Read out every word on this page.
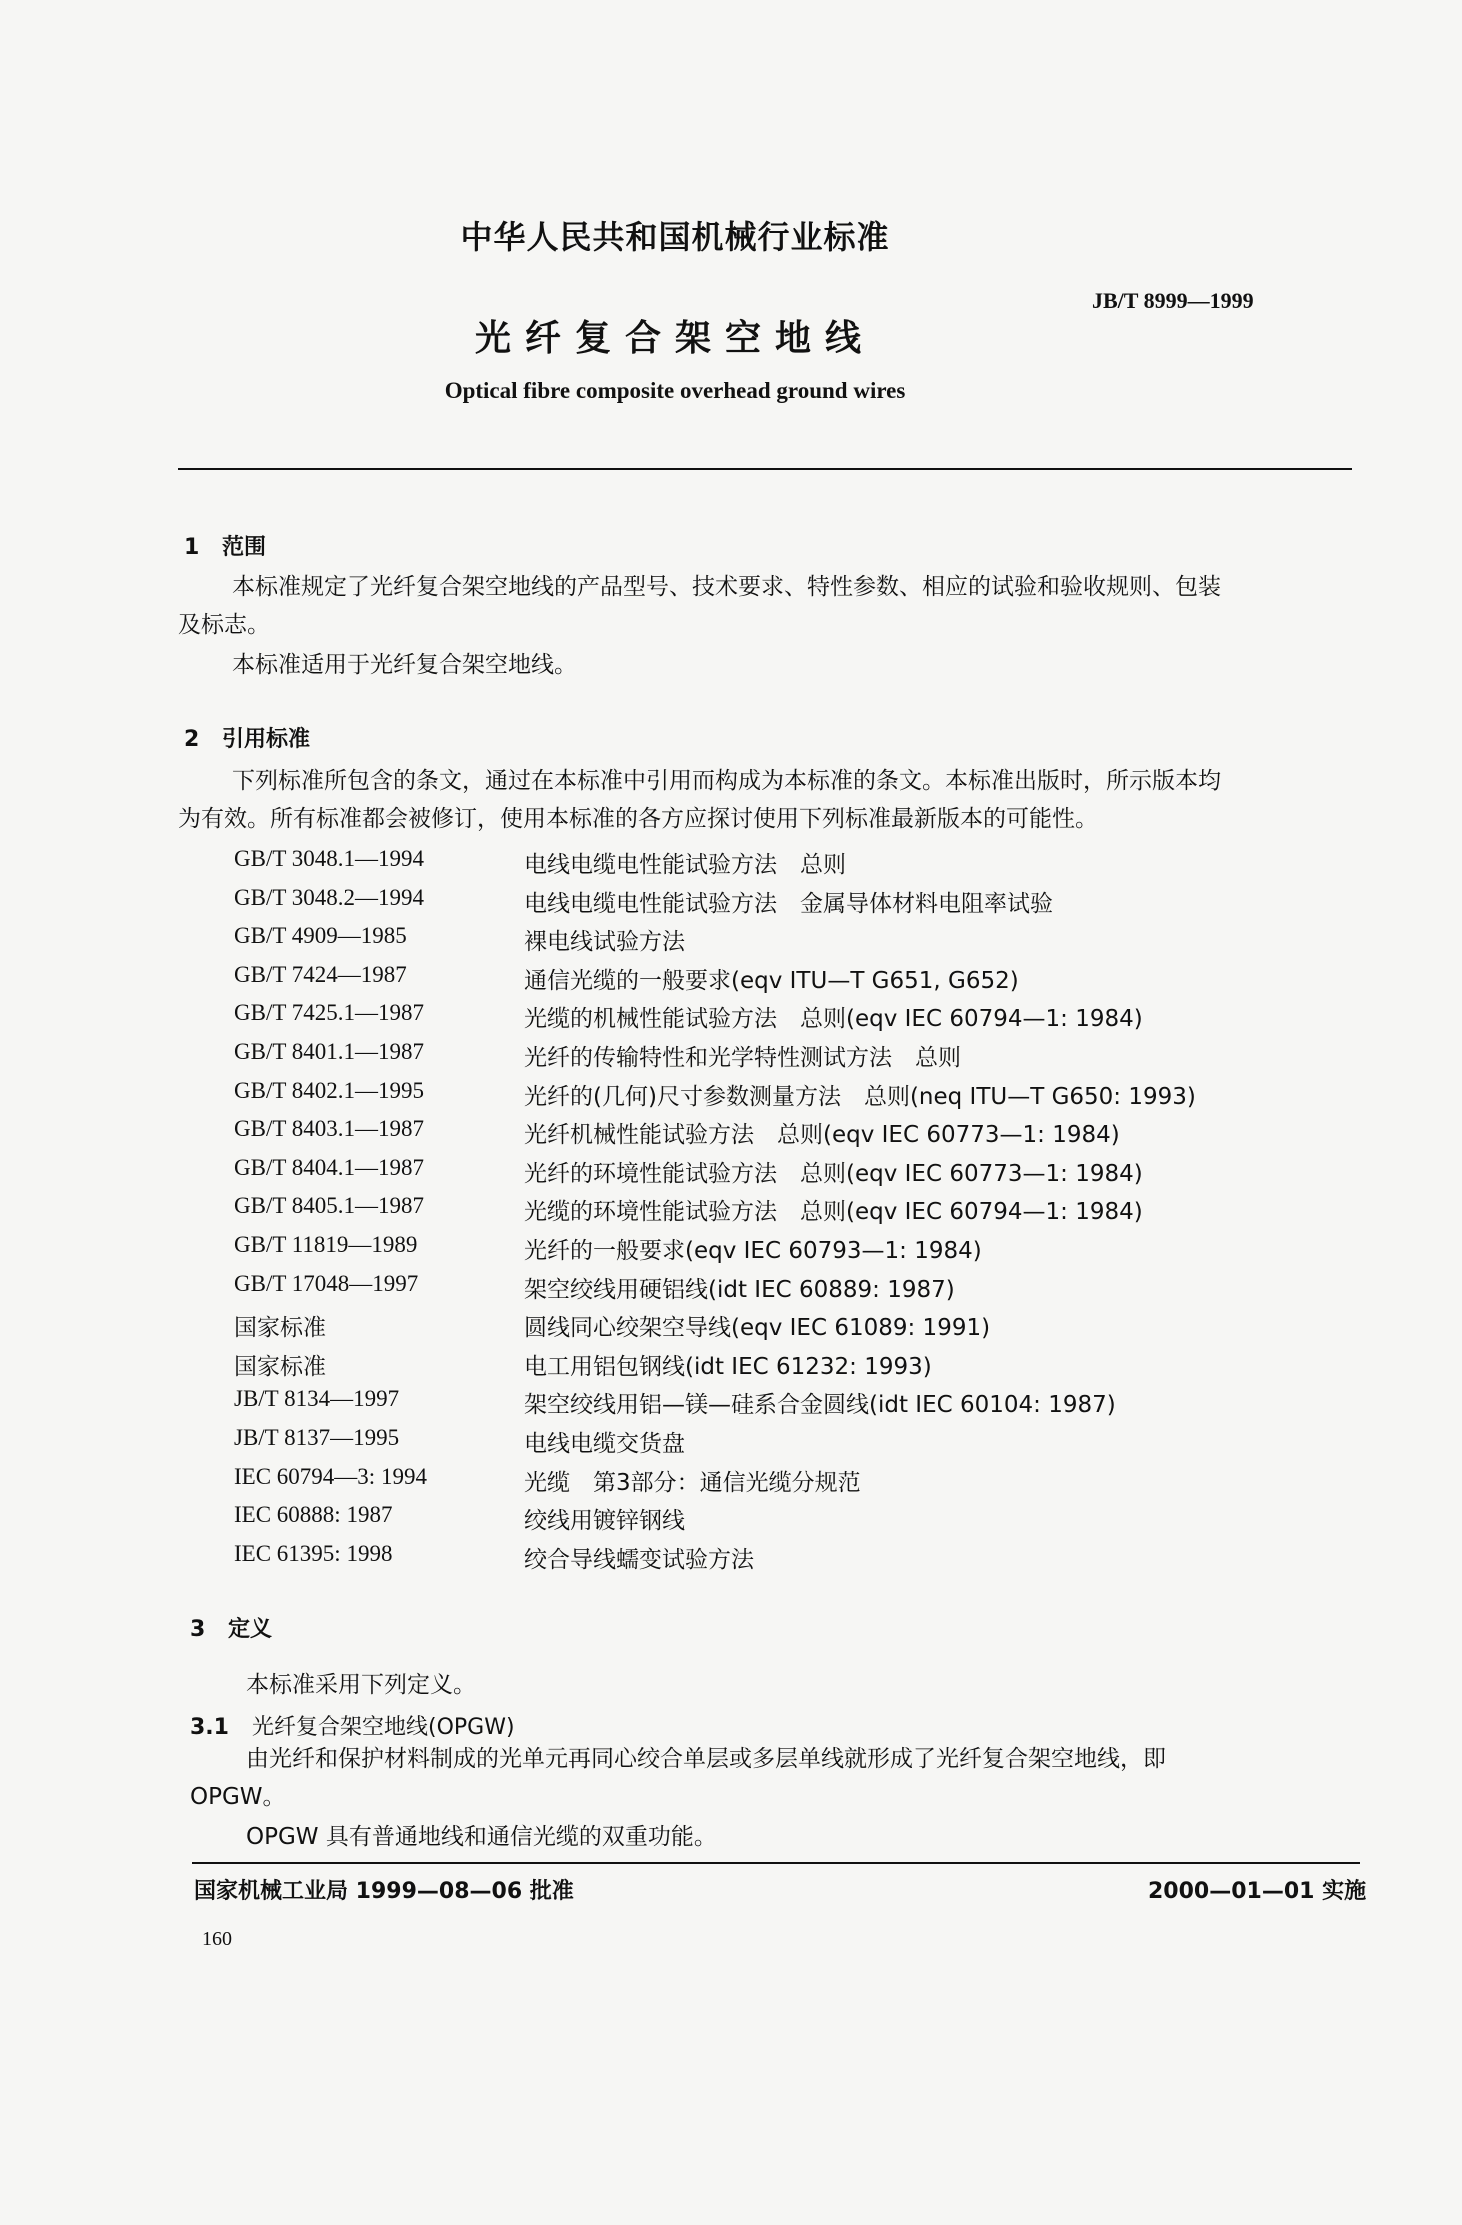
中华人民共和国机械行业标准
JB/T 8999—1999
光纤复合架空地线
Optical fibre composite overhead ground wires
1 范围
本标准规定了光纤复合架空地线的产品型号、技术要求、特性参数、相应的试验和验收规则、包装
及标志。
本标准适用于光纤复合架空地线。
2 引用标准
下列标准所包含的条文，通过在本标准中引用而构成为本标准的条文。本标准出版时，所示版本均
为有效。所有标准都会被修订，使用本标准的各方应探讨使用下列标准最新版本的可能性。
GB/T 3048.1—1994	电线电缆电性能试验方法　总则
GB/T 3048.2—1994	电线电缆电性能试验方法　金属导体材料电阻率试验
GB/T 4909—1985	裸电线试验方法
GB/T 7424—1987	通信光缆的一般要求(eqv ITU—T G651, G652)
GB/T 7425.1—1987	光缆的机械性能试验方法　总则(eqv IEC 60794—1: 1984)
GB/T 8401.1—1987	光纤的传输特性和光学特性测试方法　总则
GB/T 8402.1—1995	光纤的(几何)尺寸参数测量方法　总则(neq ITU—T G650: 1993)
GB/T 8403.1—1987	光纤机械性能试验方法　总则(eqv IEC 60773—1: 1984)
GB/T 8404.1—1987	光纤的环境性能试验方法　总则(eqv IEC 60773—1: 1984)
GB/T 8405.1—1987	光缆的环境性能试验方法　总则(eqv IEC 60794—1: 1984)
GB/T 11819—1989	光纤的一般要求(eqv IEC 60793—1: 1984)
GB/T 17048—1997	架空绞线用硬铝线(idt IEC 60889: 1987)
国家标准	圆线同心绞架空导线(eqv IEC 61089: 1991)
国家标准	电工用铝包钢线(idt IEC 61232: 1993)
JB/T 8134—1997	架空绞线用铝—镁—硅系合金圆线(idt IEC 60104: 1987)
JB/T 8137—1995	电线电缆交货盘
IEC 60794—3: 1994	光缆　第3部分：通信光缆分规范
IEC 60888: 1987	绞线用镀锌钢线
IEC 61395: 1998	绞合导线蠕变试验方法
3 定义
本标准采用下列定义。
3.1 光纤复合架空地线(OPGW)
由光纤和保护材料制成的光单元再同心绞合单层或多层单线就形成了光纤复合架空地线，即
OPGW。
OPGW 具有普通地线和通信光缆的双重功能。
国家机械工业局 1999—08—06 批准	2000—01—01 实施
160
